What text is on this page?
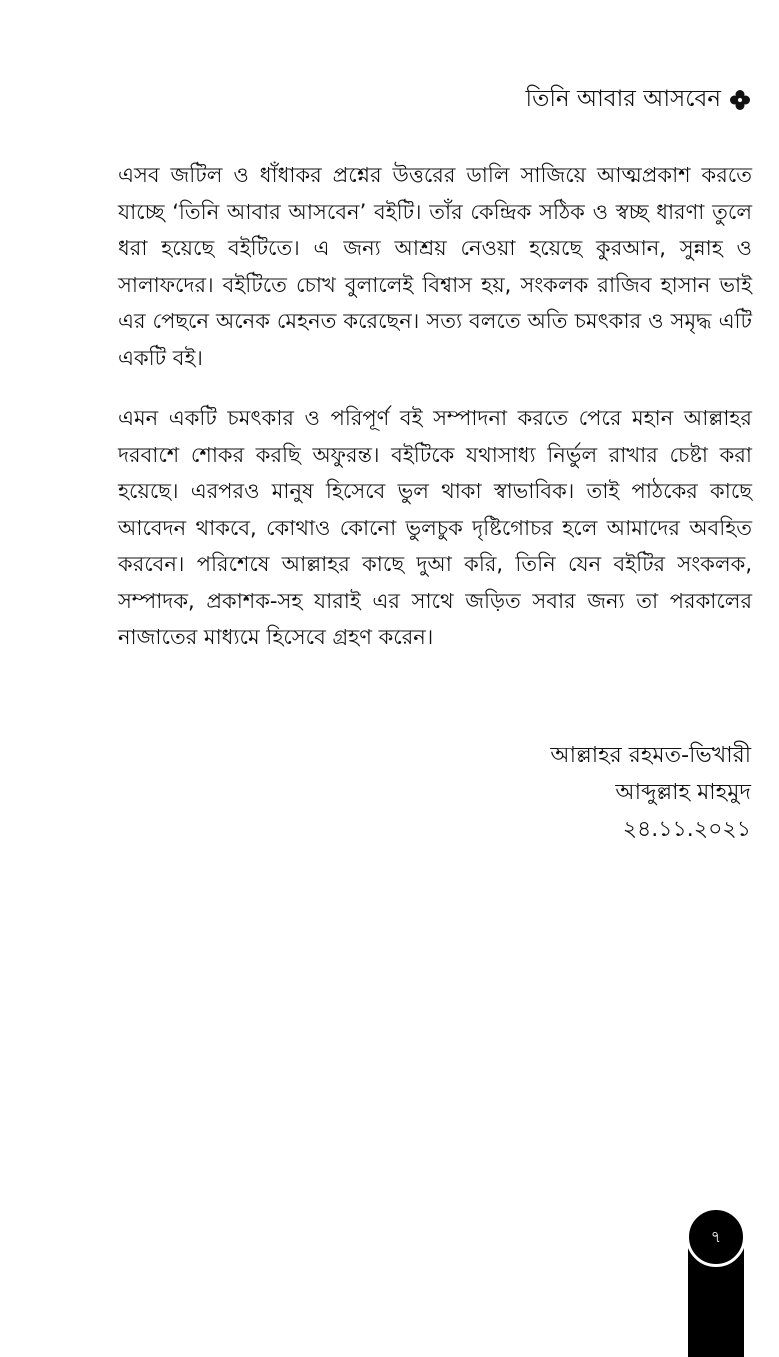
তিনি আবার আসবেন

এসব জটিল ও ধাঁধাকর প্রশ্নের উত্তরের ডালি সাজিয়ে আত্মপ্রকাশ করতে যাচ্ছে ‘তিনি আবার আসবেন’ বইটি। তাঁর কেন্দ্রিক সঠিক ও স্বচ্ছ ধারণা তুলে ধরা হয়েছে বইটিতে। এ জন্য আশ্রয় নেওয়া হয়েছে কুরআন, সুন্নাহ ও সালাফদের। বইটিতে চোখ বুলালেই বিশ্বাস হয়, সংকলক রাজিব হাসান ভাই এর পেছনে অনেক মেহনত করেছেন। সত্য বলতে অতি চমৎকার ও সমৃদ্ধ এটি একটি বই।

এমন একটি চমৎকার ও পরিপূর্ণ বই সম্পাদনা করতে পেরে মহান আল্লাহর দরবাশে শোকর করছি অফুরন্ত। বইটিকে যথাসাধ্য নির্ভুল রাখার চেষ্টা করা হয়েছে। এরপরও মানুষ হিসেবে ভুল থাকা স্বাভাবিক। তাই পাঠকের কাছে আবেদন থাকবে, কোথাও কোনো ভুলচুক দৃষ্টিগোচর হলে আমাদের অবহিত করবেন। পরিশেষে আল্লাহর কাছে দুআ করি, তিনি যেন বইটির সংকলক, সম্পাদক, প্রকাশক-সহ যারাই এর সাথে জড়িত সবার জন্য তা পরকালের নাজাতের মাধ্যমে হিসেবে গ্রহণ করেন।

আল্লাহর রহমত-ভিখারী
আব্দুল্লাহ মাহমুদ
২৪.১১.২০২১
৭
